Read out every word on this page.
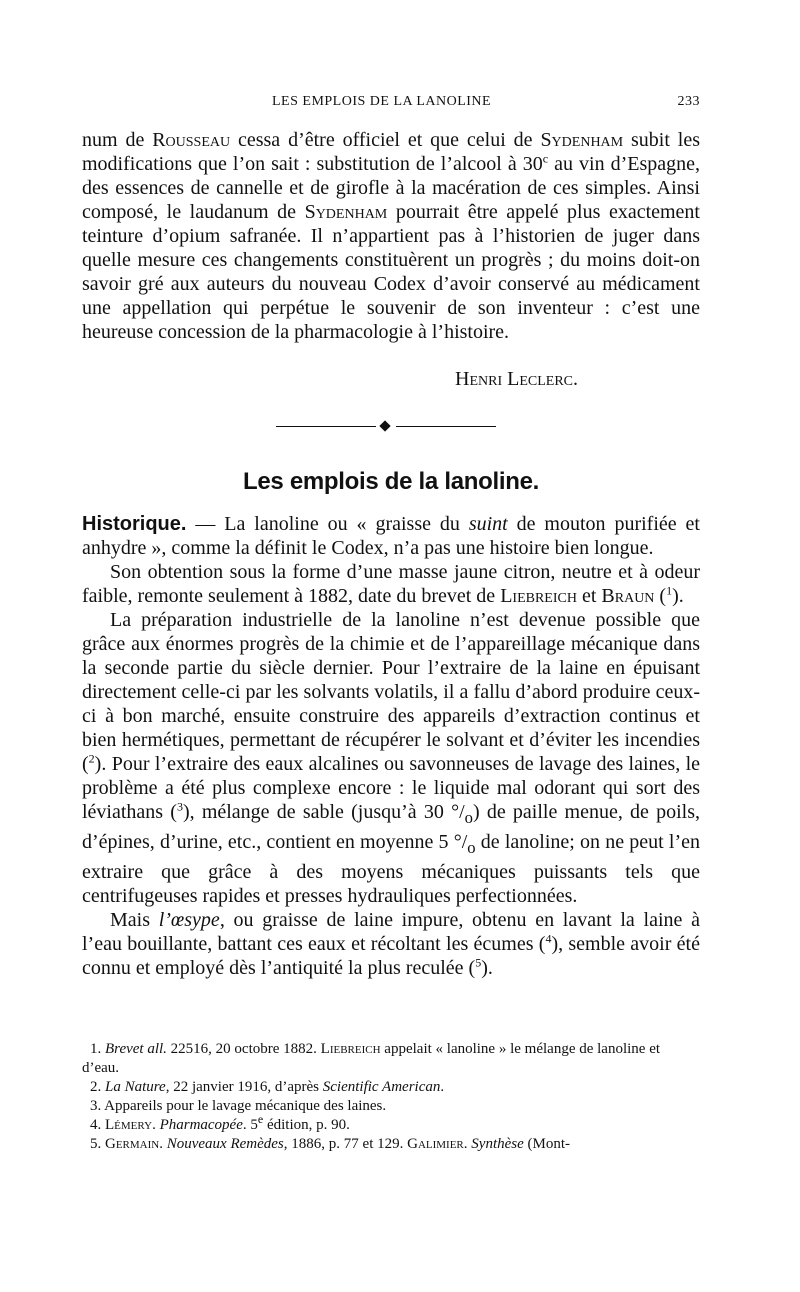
LES EMPLOIS DE LA LANOLINE	233

num de Rousseau cessa d’être officiel et que celui de Sydenham subit les modifications que l’on sait : substitution de l’alcool à 30$^c$ au vin d’Espagne, des essences de cannelle et de girofle à la macération de ces simples. Ainsi composé, le laudanum de Sydenham pourrait être appelé plus exactement teinture d’opium safranée. Il n’appartient pas à l’historien de juger dans quelle mesure ces changements constituèrent un progrès ; du moins doit-on savoir gré aux auteurs du nouveau Codex d’avoir conservé au médicament une appellation qui perpétue le souvenir de son inventeur : c’est une heureuse concession de la pharmacologie à l’histoire.

Henri Leclerc.
Les emplois de la lanoline.

Historique. — La lanoline ou « graisse du suint de mouton purifiée et anhydre », comme la définit le Codex, n’a pas une histoire bien longue.

Son obtention sous la forme d’une masse jaune citron, neutre et à odeur faible, remonte seulement à 1882, date du brevet de Liebreich et Braun ($^1$).

La préparation industrielle de la lanoline n’est devenue possible que grâce aux énormes progrès de la chimie et de l’appareillage mécanique dans la seconde partie du siècle dernier. Pour l’extraire de la laine en épuisant directement celle-ci par les solvants volatils, il a fallu d’abord produire ceux-ci à bon marché, ensuite construire des appareils d’extraction continus et bien hermétiques, permettant de récupérer le solvant et d’éviter les incendies ($^2$). Pour l’extraire des eaux alcalines ou savonneuses de lavage des laines, le problème a été plus complexe encore : le liquide mal odorant qui sort des léviathans ($^3$), mélange de sable (jusqu’à 30 $^\circ/_o$) de paille menue, de poils, d’épines, d’urine, etc., contient en moyenne 5 $^\circ/_o$ de lanoline; on ne peut l’en extraire que grâce à des moyens mécaniques puissants tels que centrifugeuses rapides et presses hydrauliques perfectionnées.

Mais l’œsype, ou graisse de laine impure, obtenu en lavant la laine à l’eau bouillante, battant ces eaux et récoltant les écumes ($^4$), semble avoir été connu et employé dès l’antiquité la plus reculée ($^5$).

1. Brevet all. 22516, 20 octobre 1882. Liebreich appelait « lanoline » le mélange de lanoline et d’eau.

2. La Nature, 22 janvier 1916, d’après Scientific American.

3. Appareils pour le lavage mécanique des laines.

4. Lémery. Pharmacopée. 5e édition, p. 90.

5. Germain. Nouveaux Remèdes, 1886, p. 77 et 129. Galimier. Synthèse (Mont-
